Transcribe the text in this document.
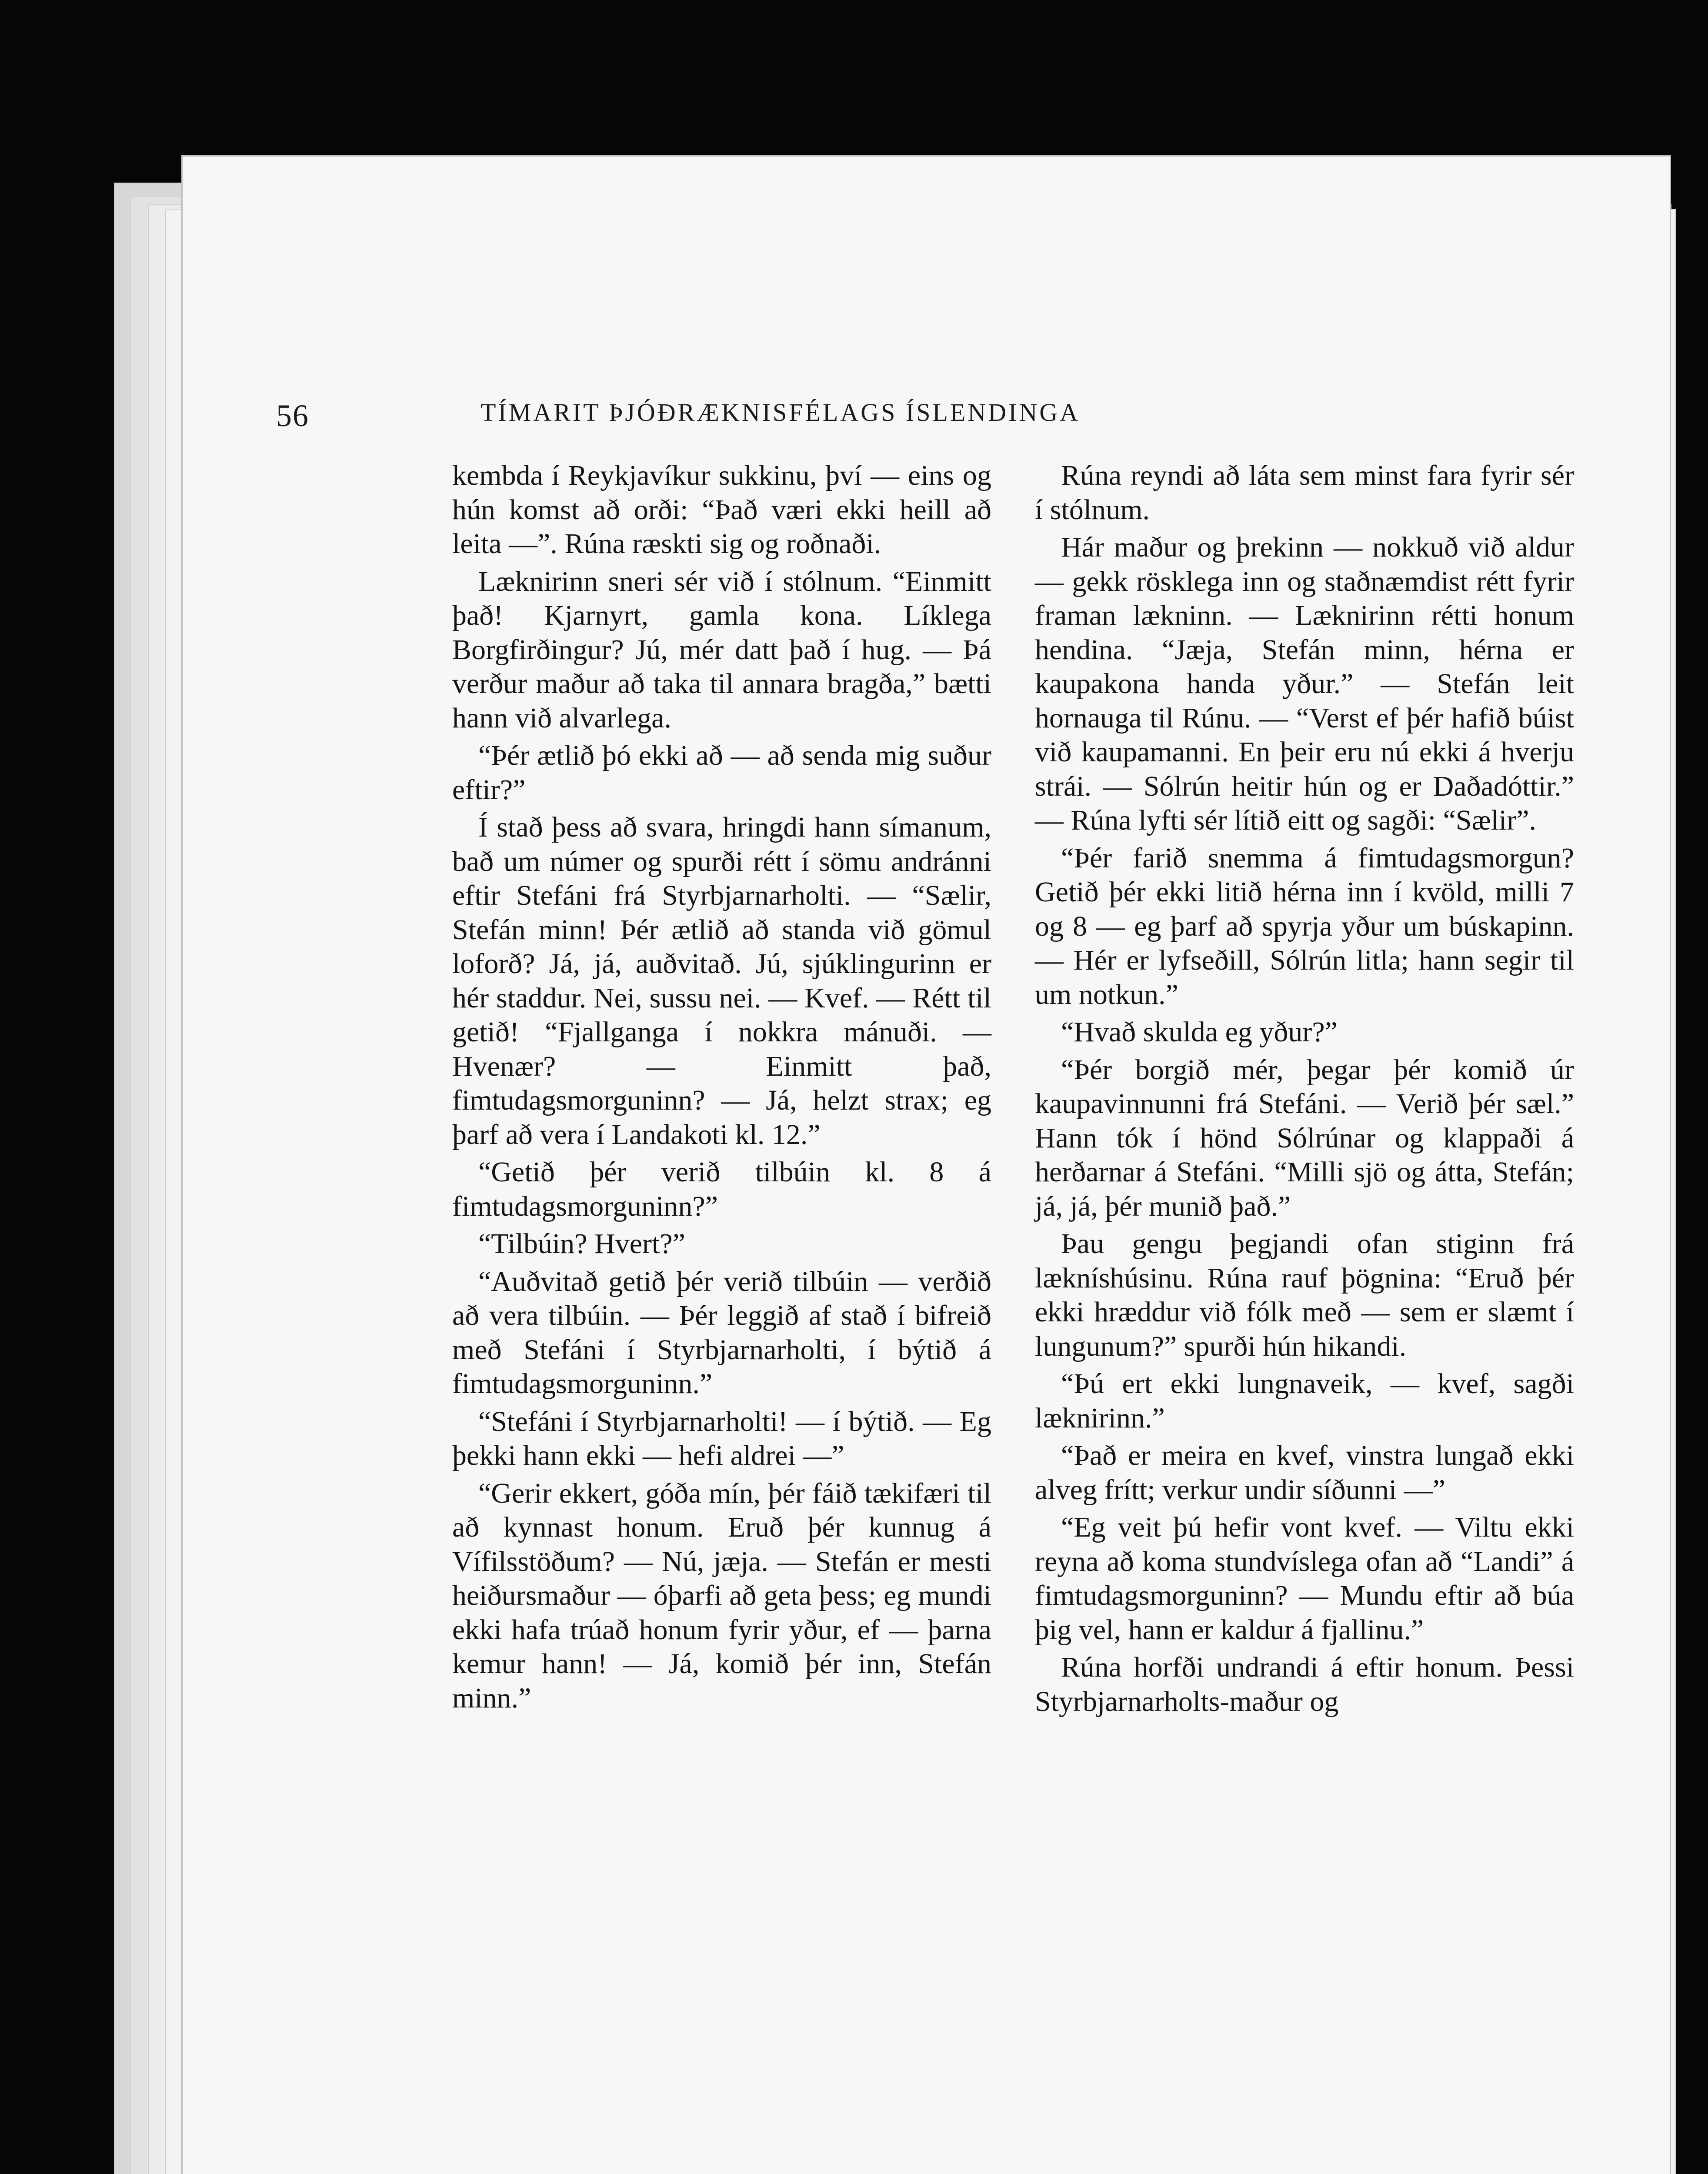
56	TÍMARIT ÞJÓÐRÆKNISFÉLAGS ÍSLENDINGA

kembda í Reykjavíkur sukkinu, því — eins og hún komst að orði: “Það væri ekki heill að leita —”. Rúna ræskti sig og roðnaði.

Læknirinn sneri sér við í stólnum. “Einmitt það! Kjarnyrt, gamla kona. Líklega Borgfirðingur? Jú, mér datt það í hug. — Þá verður maður að taka til annara bragða,” bætti hann við alvarlega.

“Þér ætlið þó ekki að — að senda mig suður eftir?”

Í stað þess að svara, hringdi hann símanum, bað um númer og spurði rétt í sömu andránni eftir Stefáni frá Styrbjarnarholti. — “Sælir, Stefán minn! Þér ætlið að standa við gömul loforð? Já, já, auðvitað. Jú, sjúklingurinn er hér staddur. Nei, sussu nei. — Kvef. — Rétt til getið! “Fjallganga í nokkra mánuði. — Hvenær? — Einmitt það, fimtudagsmorguninn? — Já, helzt strax; eg þarf að vera í Landakoti kl. 12.”

“Getið þér verið tilbúin kl. 8 á fimtudagsmorguninn?”

“Tilbúin? Hvert?”

“Auðvitað getið þér verið tilbúin — verðið að vera tilbúin. — Þér leggið af stað í bifreið með Stefáni í Styrbjarnarholti, í býtið á fimtudagsmorguninn.”

“Stefáni í Styrbjarnarholti! — í býtið. — Eg þekki hann ekki — hefi aldrei —”

“Gerir ekkert, góða mín, þér fáið tækifæri til að kynnast honum. Eruð þér kunnug á Vífilsstöðum? — Nú, jæja. — Stefán er mesti heiðursmaður — óþarfi að geta þess; eg mundi ekki hafa trúað honum fyrir yður, ef — þarna kemur hann! — Já, komið þér inn, Stefán minn.”

Rúna reyndi að láta sem minst fara fyrir sér í stólnum.

Hár maður og þrekinn — nokkuð við aldur — gekk rösklega inn og staðnæmdist rétt fyrir framan lækninn. — Læknirinn rétti honum hendina. “Jæja, Stefán minn, hérna er kaupakona handa yður.” — Stefán leit hornauga til Rúnu. — “Verst ef þér hafið búist við kaupamanni. En þeir eru nú ekki á hverju strái. — Sólrún heitir hún og er Daðadóttir.” — Rúna lyfti sér lítið eitt og sagði: “Sælir”.

“Þér farið snemma á fimtudagsmorgun? Getið þér ekki litið hérna inn í kvöld, milli 7 og 8 — eg þarf að spyrja yður um búskapinn. — Hér er lyfseðill, Sólrún litla; hann segir til um notkun.”

“Hvað skulda eg yður?”

“Þér borgið mér, þegar þér komið úr kaupavinnunni frá Stefáni. — Verið þér sæl.” Hann tók í hönd Sólrúnar og klappaði á herðarnar á Stefáni. “Milli sjö og átta, Stefán; já, já, þér munið það.”

Þau gengu þegjandi ofan stiginn frá lækníshúsinu. Rúna rauf þögnina: “Eruð þér ekki hræddur við fólk með — sem er slæmt í lungunum?” spurði hún hikandi.

“Þú ert ekki lungnaveik, — kvef, sagði læknirinn.”

“Það er meira en kvef, vinstra lungað ekki alveg frítt; verkur undir síðunni —”

“Eg veit þú hefir vont kvef. — Viltu ekki reyna að koma stundvíslega ofan að “Landi” á fimtudagsmorguninn? — Mundu eftir að búa þig vel, hann er kaldur á fjallinu.”

Rúna horfði undrandi á eftir honum. Þessi Styrbjarnarholts-maður og
